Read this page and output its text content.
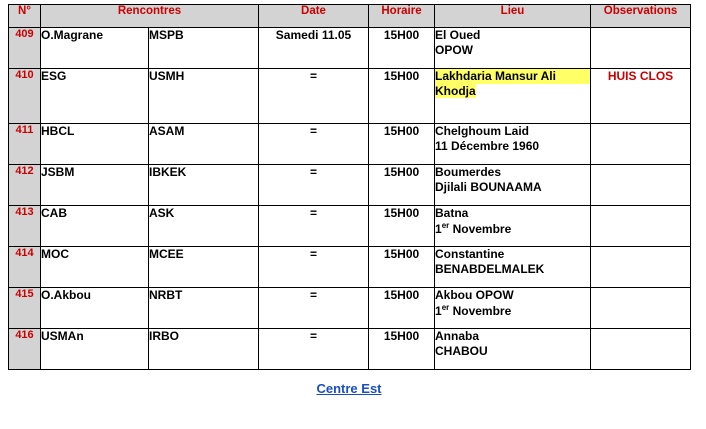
N°	Rencontres		Date	Horaire	Lieu	Observations
409	O.Magrane	MSPB	Samedi 11.05	15H00	El Oued
OPOW	

410	ESG	USMH	=	15H00	Lakhdaria Mansur Ali
Khodja	HUIS CLOS
411	HBCL	ASAM	=	15H00	Chelghoum Laid
11 Décembre 1960	

412	JSBM	IBKEK	=	15H00	Boumerdes
Djilali BOUNAAMA	

413	CAB	ASK	=	15H00	Batna
1er Novembre	

414	MOC	MCEE	=	15H00	Constantine
BENABDELMALEK	

415	O.Akbou	NRBT	=	15H00	Akbou OPOW
1er Novembre	

416	USMAn	IRBO	=	15H00	Annaba
CHABOU	

Centre Est
